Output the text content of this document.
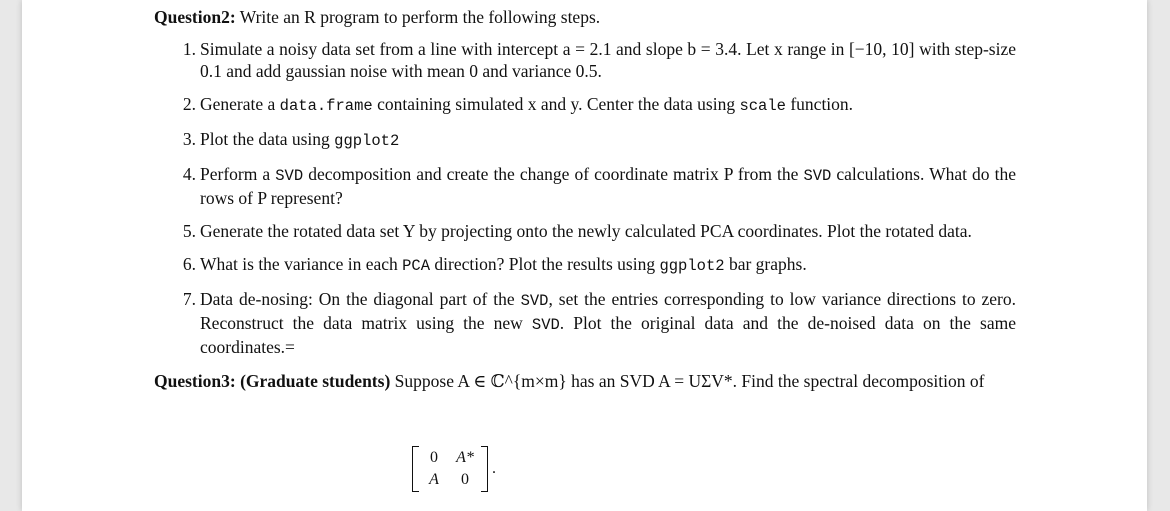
Question2: Write an R program to perform the following steps.

1. Simulate a noisy data set from a line with intercept a = 2.1 and slope b = 3.4. Let x range in [−10, 10] with step-size 0.1 and add gaussian noise with mean 0 and variance 0.5.
2. Generate a data.frame containing simulated x and y. Center the data using scale function.
3. Plot the data using ggplot2
4. Perform a SVD decomposition and create the change of coordinate matrix P from the SVD calculations. What do the rows of P represent?
5. Generate the rotated data set Y by projecting onto the newly calculated PCA coordinates. Plot the rotated data.
6. What is the variance in each PCA direction? Plot the results using ggplot2 bar graphs.
7. Data de-nosing: On the diagonal part of the SVD, set the entries corresponding to low variance directions to zero. Reconstruct the data matrix using the new SVD. Plot the original data and the de-noised data on the same coordinates.=

Question3: (Graduate students) Suppose A ∈ ℂ^{m×m} has an SVD A = UΣV*. Find the spectral decomposition of

0	A*
A	0
.
